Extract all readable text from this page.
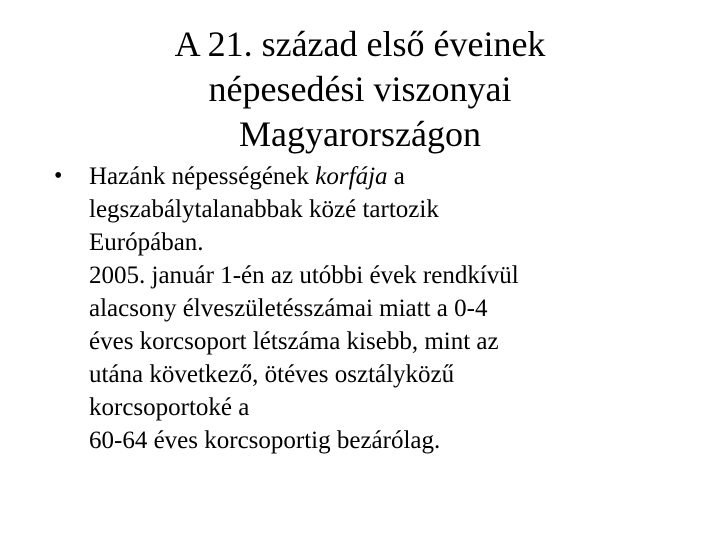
A 21. század első éveinek
népesedési viszonyai
Magyarországon
•	Hazánk népességének korfája a
legszabálytalanabbak közé tartozik
Európában.
2005. január 1-én az utóbbi évek rendkívül
alacsony élveszületésszámai miatt a 0-4
éves korcsoport létszáma kisebb, mint az
utána következő, ötéves osztályközű
korcsoportoké a
60-64 éves korcsoportig bezárólag.
